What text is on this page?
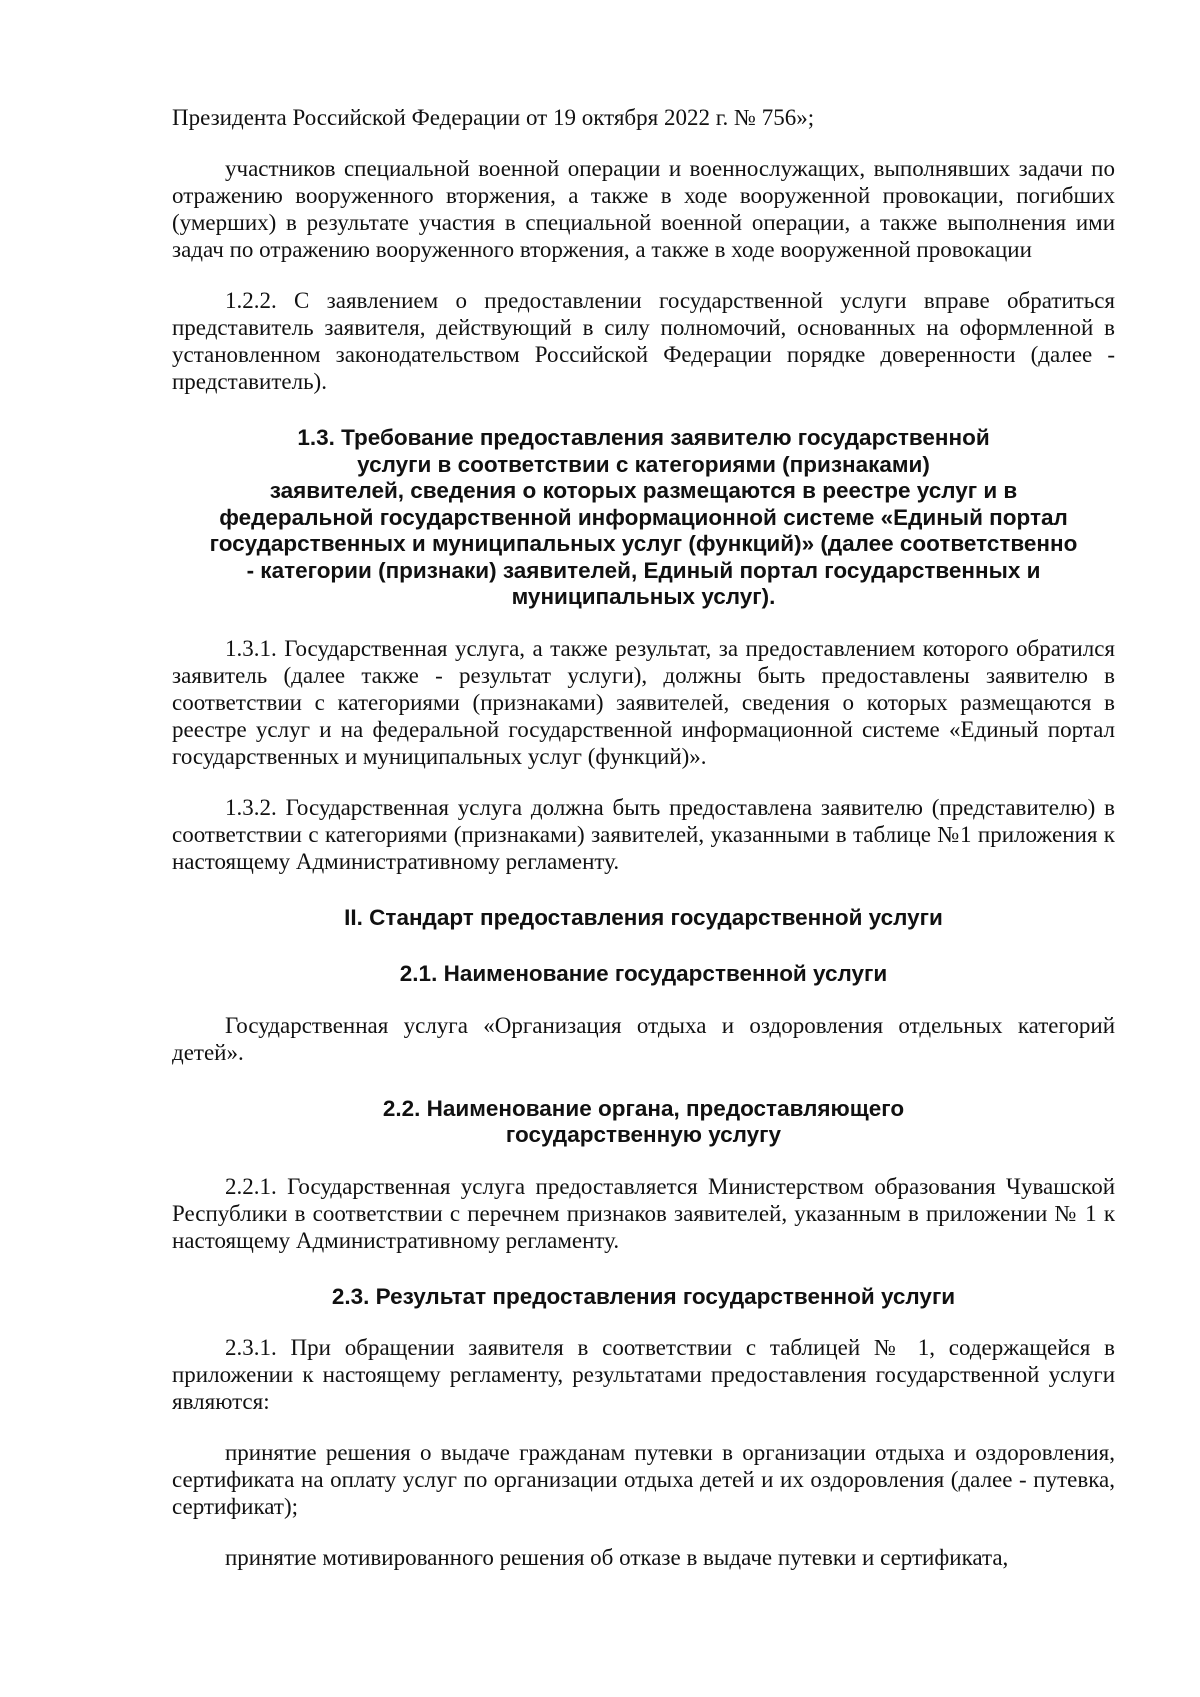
Президента Российской Федерации от 19 октября 2022 г. № 756»;

участников специальной военной операции и военнослужащих, выполнявших задачи по отражению вооруженного вторжения, а также в ходе вооруженной провокации, погибших (умерших) в результате участия в специальной военной операции, а также выполнения ими задач по отражению вооруженного вторжения, а также в ходе вооруженной провокации

1.2.2. С заявлением о предоставлении государственной услуги вправе обратиться представитель заявителя, действующий в силу полномочий, основанных на оформленной в установленном законодательством Российской Федерации порядке доверенности (далее - представитель).

1.3. Требование предоставления заявителю государственной
услуги в соответствии с категориями (признаками)
заявителей, сведения о которых размещаются в реестре услуг и в
федеральной государственной информационной системе «Единый портал
государственных и муниципальных услуг (функций)» (далее соответственно
- категории (признаки) заявителей, Единый портал государственных и
муниципальных услуг).

1.3.1. Государственная услуга, а также результат, за предоставлением которого обратился заявитель (далее также - результат услуги), должны быть предоставлены заявителю в соответствии с категориями (признаками) заявителей, сведения о которых размещаются в реестре услуг и на федеральной государственной информационной системе «Единый портал государственных и муниципальных услуг (функций)».

1.3.2. Государственная услуга должна быть предоставлена заявителю (представителю) в соответствии с категориями (признаками) заявителей, указанными в таблице №1 приложения к настоящему Административному регламенту.

II. Стандарт предоставления государственной услуги
2.1. Наименование государственной услуги

Государственная услуга «Организация отдыха и оздоровления отдельных категорий детей».

2.2. Наименование органа, предоставляющего
государственную услугу

2.2.1. Государственная услуга предоставляется Министерством образования Чувашской Республики в соответствии с перечнем признаков заявителей, указанным в приложении № 1 к настоящему Административному регламенту.

2.3. Результат предоставления государственной услуги

2.3.1. При обращении заявителя в соответствии с таблицей № 1, содержащейся в приложении к настоящему регламенту, результатами предоставления государственной услуги являются:

принятие решения о выдаче гражданам путевки в организации отдыха и оздоровления, сертификата на оплату услуг по организации отдыха детей и их оздоровления (далее - путевка, сертификат);

принятие мотивированного решения об отказе в выдаче путевки и сертификата,
